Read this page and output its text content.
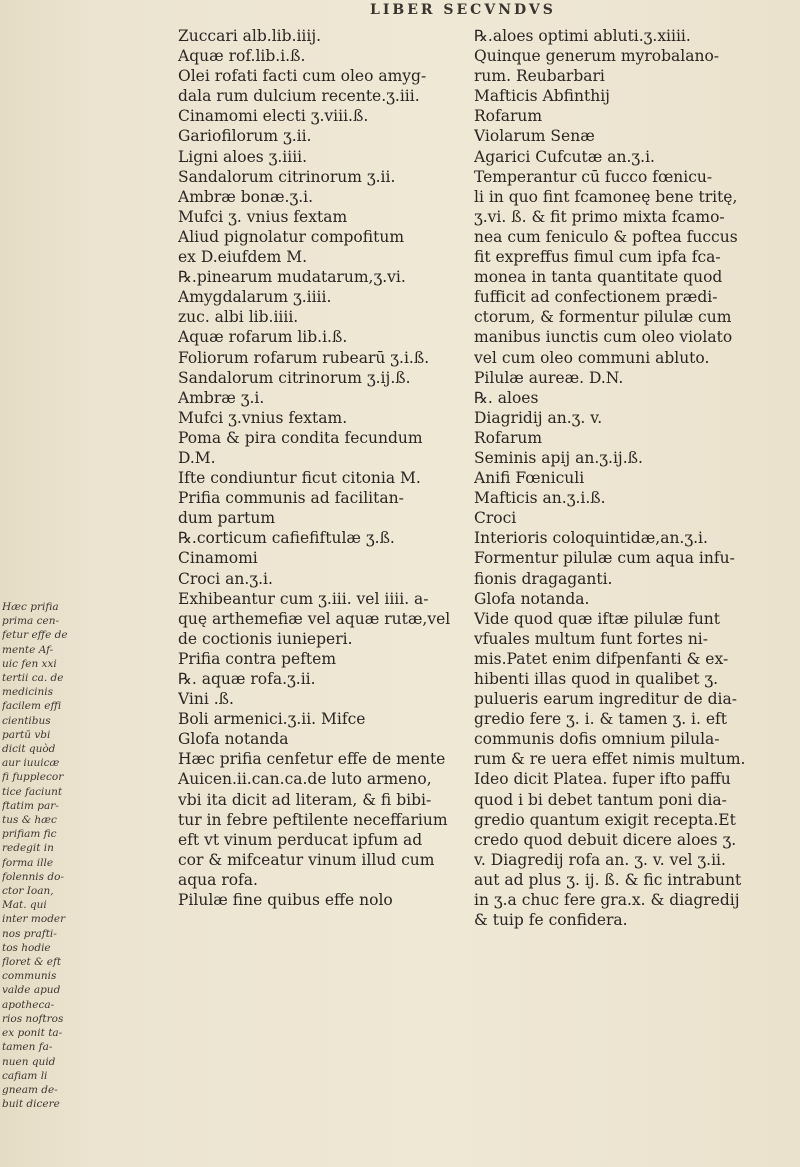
LIBER SECVNDVS
Hæc prifia
prima cen-
fetur effe de
mente Af-
uic fen xxi
tertii ca. de
medicinis
facilem effi
cientibus
partū vbi
dicit quòd
aur iuuicæ
fi fupplecor
tice faciunt
ftatim par-
tus & hæc
prifiam fic
redegit in
forma ille
folennis do-
ctor Ioan,
Mat. qui
inter moder
nos prafti-
tos hodie
floret & eft
communis
valde apud
apotheca-
rios noftros
ex ponit ta-
tamen fa-
nuen quid
cafiam li
gneam de-
buit dicere
Zuccari alb.lib.iiij.
Aquæ rof.lib.i.ß.
Olei rofati facti cum oleo amyg-
dala rum dulcium recente.ʒ.iii.
Cinamomi electi ʒ.viii.ß.
Gariofilorum ʒ.ii.
Ligni aloes ʒ.iiii.
Sandalorum citrinorum ʒ.ii.
Ambræ bonæ.ʒ.i.
Mufci ʒ. vnius fextam
Aliud pignolatur compofitum
ex D.eiufdem M.
℞.pinearum mudatarum,ʒ.vi.
Amygdalarum ʒ.iiii.
zuc. albi lib.iiii.
Aquæ rofarum lib.i.ß.
Foliorum rofarum rubearū ʒ.i.ß.
Sandalorum citrinorum ʒ.ij.ß.
Ambræ ʒ.i.
Mufci ʒ.vnius fextam.
Poma & pira condita fecundum
D.M.
Ifte condiuntur ficut citonia M.
Prifia communis ad facilitan-
dum partum
℞.corticum cafiefiftulæ ʒ.ß.
Cinamomi
Croci an.ʒ.i.
Exhibeantur cum ʒ.iii. vel iiii. a-
quę arthemefiæ vel aquæ rutæ,vel
de coctionis iunieperi.
Prifia contra peftem
℞. aquæ rofa.ʒ.ii.
Vini .ß.
Boli armenici.ʒ.ii. Mifce
Glofa notanda
Hæc prifia cenfetur effe de mente
Auicen.ii.can.ca.de luto armeno,
vbi ita dicit ad literam, & fi bibi-
tur in febre peftilente neceffarium
eft vt vinum perducat ipfum ad
cor & mifceatur vinum illud cum
aqua rofa.
Pilulæ fine quibus effe nolo
℞.aloes optimi abluti.ʒ.xiiii.
Quinque generum myrobalano-
rum. Reubarbari
Mafticis Abfinthij
Rofarum
Violarum Senæ
Agarici Cufcutæ an.ʒ.i.
Temperantur cū fucco fœnicu-
li in quo fint fcamoneę bene tritę,
ʒ.vi. ß. & fit primo mixta fcamo-
nea cum feniculo & poftea fuccus
fit expreffus fimul cum ipfa fca-
monea in tanta quantitate quod
fufficit ad confectionem prædi-
ctorum, & formentur pilulæ cum
manibus iunctis cum oleo violato
vel cum oleo communi abluto.
Pilulæ aureæ. D.N.
℞. aloes
Diagridij an.ʒ. v.
Rofarum
Seminis apij an.ʒ.ij.ß.
Anifi Fœniculi
Mafticis an.ʒ.i.ß.
Croci
Interioris coloquintidæ,an.ʒ.i.
Formentur pilulæ cum aqua infu-
fionis dragaganti.
Glofa notanda.
Vide quod quæ iftæ pilulæ funt
vfuales multum funt fortes ni-
mis.Patet enim difpenfanti & ex-
hibenti illas quod in qualibet ʒ.
pulueris earum ingreditur de dia-
gredio fere ʒ. i. & tamen ʒ. i. eft
communis dofis omnium pilula-
rum & re uera effet nimis multum.
Ideo dicit Platea. fuper ifto paffu
quod i bi debet tantum poni dia-
gredio quantum exigit recepta.Et
credo quod debuit dicere aloes ʒ.
v. Diagredij rofa an. ʒ. v. vel ʒ.ii.
aut ad plus ʒ. ij. ß. & fic intrabunt
in ʒ.a chuc fere gra.x. & diagredij
& tuip fe confidera.
